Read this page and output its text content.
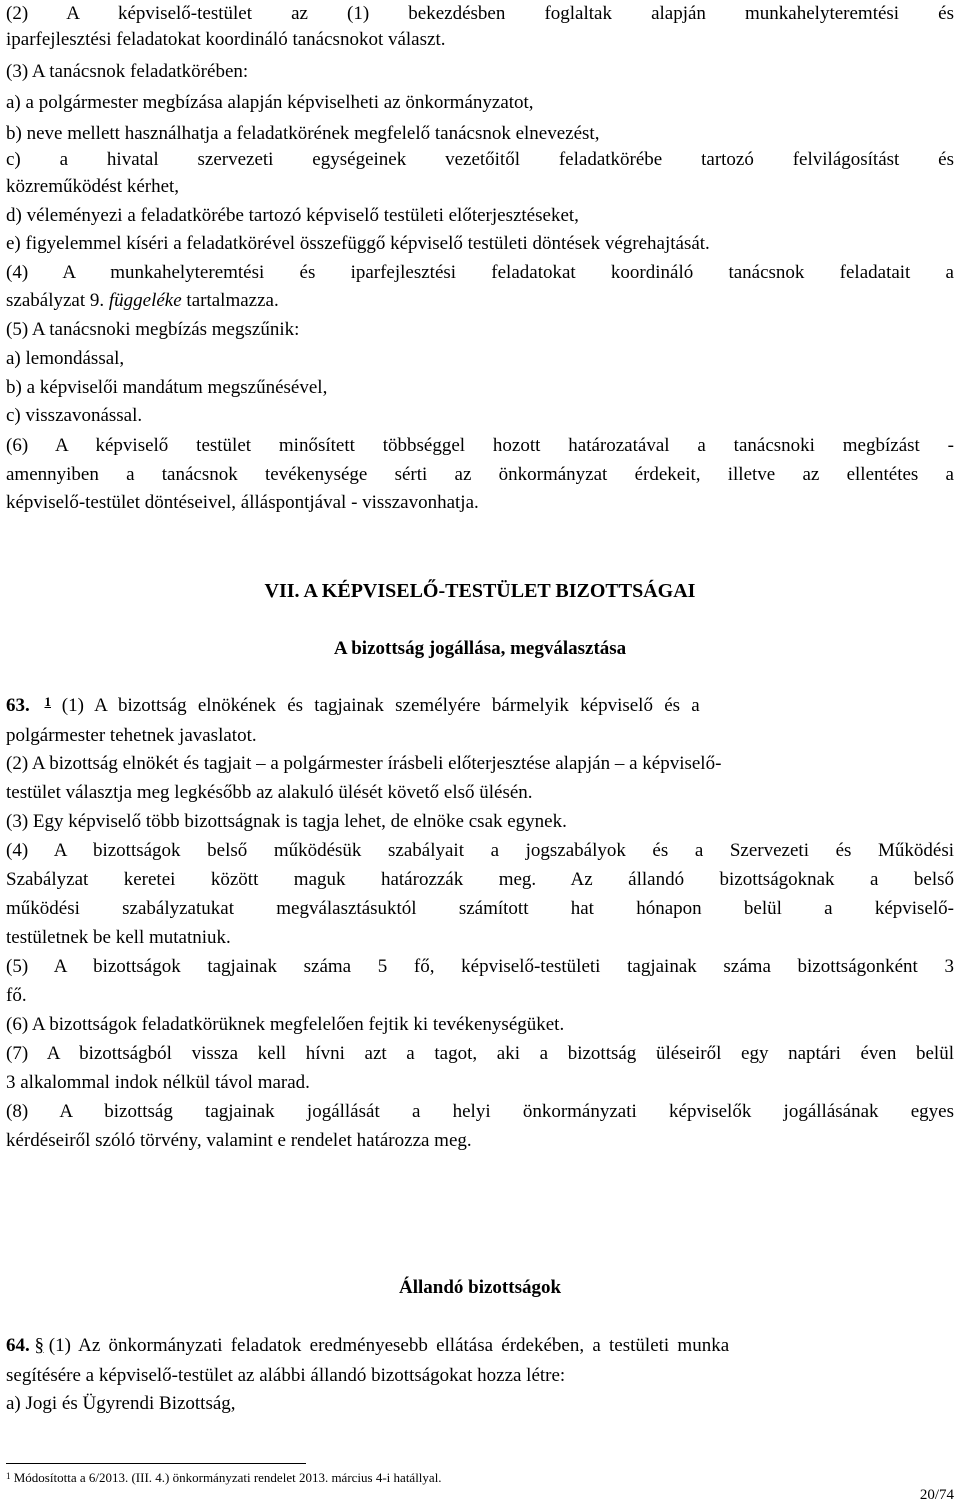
(2) A képviselő-testület az (1) bekezdésben foglaltak alapján munkahelyteremtési és
iparfejlesztési feladatokat koordináló tanácsnokot választ.
(3) A tanácsnok feladatkörében:
a) a polgármester megbízása alapján képviselheti az önkormányzatot,
b) neve mellett használhatja a feladatkörének megfelelő tanácsnok elnevezést,
c) a hivatal szervezeti egységeinek vezetőitől feladatkörébe tartozó felvilágosítást és
közreműködést kérhet,
d) véleményezi a feladatkörébe tartozó képviselő testületi előterjesztéseket,
e) figyelemmel kíséri a feladatkörével összefüggő képviselő testületi döntések végrehajtását.
(4) A munkahelyteremtési és iparfejlesztési feladatokat koordináló tanácsnok feladatait a
szabályzat 9. függeléke tartalmazza.
(5) A tanácsnoki megbízás megszűnik:
a) lemondással,
b) a képviselői mandátum megszűnésével,
c) visszavonással.
(6) A képviselő testület minősített többséggel hozott határozatával a tanácsnoki megbízást -
amennyiben a tanácsnok tevékenysége sérti az önkormányzat érdekeit, illetve az ellentétes a
képviselő-testület döntéseivel, álláspontjával - visszavonhatja.
VII. A KÉPVISELŐ-TESTÜLET BIZOTTSÁGAI
A bizottság jogállása, megválasztása
63. $^1$ (1) A bizottság elnökének és tagjainak személyére bármelyik képviselő és a
polgármester tehetnek javaslatot.
(2) A bizottság elnökét és tagjait – a polgármester írásbeli előterjesztése alapján – a képviselő-
testület választja meg legkésőbb az alakuló ülését követő első ülésén.
(3) Egy képviselő több bizottságnak is tagja lehet, de elnöke csak egynek.
(4) A bizottságok belső működésük szabályait a jogszabályok és a Szervezeti és Működési
Szabályzat keretei között maguk határozzák meg. Az állandó bizottságoknak a belső
működési szabályzatukat megválasztásuktól számított hat hónapon belül a képviselő-
testületnek be kell mutatniuk.
(5) A bizottságok tagjainak száma 5 fő, képviselő-testületi tagjainak száma bizottságonként 3
fő.
(6) A bizottságok feladatkörüknek megfelelően fejtik ki tevékenységüket.
(7) A bizottságból vissza kell hívni azt a tagot, aki a bizottság üléseiről egy naptári éven belül
3 alkalommal indok nélkül távol marad.
(8) A bizottság tagjainak jogállását a helyi önkormányzati képviselők jogállásának egyes
kérdéseiről szóló törvény, valamint e rendelet határozza meg.
Állandó bizottságok
64. § (1) Az önkormányzati feladatok eredményesebb ellátása érdekében, a testületi munka
segítésére a képviselő-testület az alábbi állandó bizottságokat hozza létre:
a) Jogi és Ügyrendi Bizottság,
$^1$ Módosította a 6/2013. (III. 4.) önkormányzati rendelet 2013. március 4-i hatállyal.
20/74
